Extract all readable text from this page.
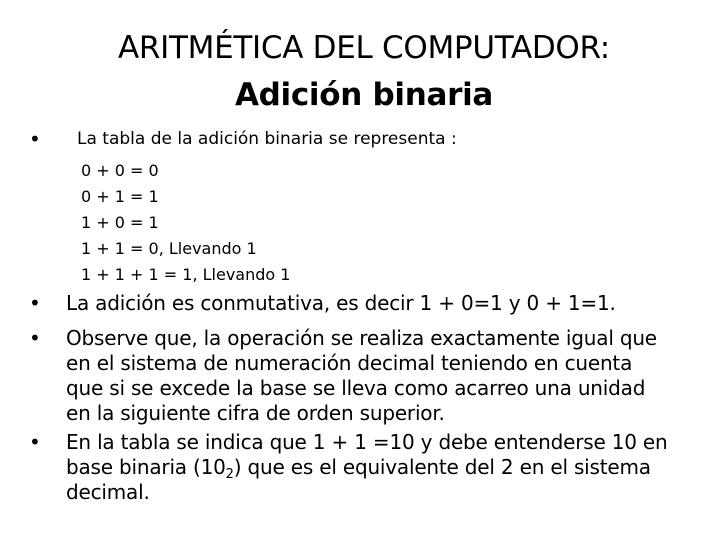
ARITMÉTICA DEL COMPUTADOR:
Adición binaria
• La tabla de la adición binaria se representa :
0 + 0 = 0
0 + 1 = 1
1 + 0 = 1
1 + 1 = 0, Llevando 1
1 + 1 + 1 = 1, Llevando 1
• La adición es conmutativa, es decir 1 + 0=1 y 0 + 1=1.
• Observe que, la operación se realiza exactamente igual que
en el sistema de numeración decimal teniendo en cuenta
que si se excede la base se lleva como acarreo una unidad
en la siguiente cifra de orden superior.
• En la tabla se indica que 1 + 1 =10 y debe entenderse 10 en
base binaria $(10_2)$ que es el equivalente del 2 en el sistema
decimal.
